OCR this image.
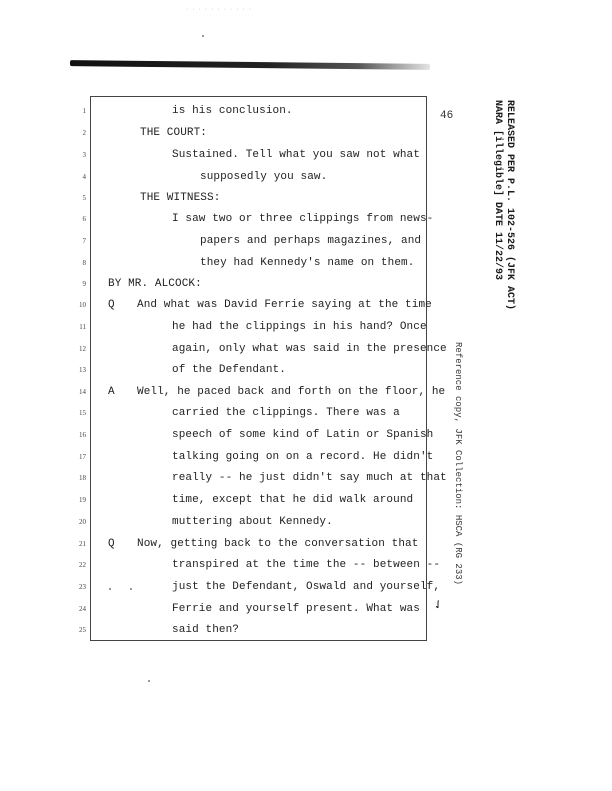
· · · · · · · · · · ·
46	RELEASED PER P.L. 102-526 (JFK ACT)
NARA [illegible] DATE 11/22/93
Reference copy, JFK Collection: HSCA (RG 233)
✓
1	is his conclusion.
2	THE COURT:
3	Sustained. Tell what you saw not what
4	supposedly you saw.
5	THE WITNESS:
6	I saw two or three clippings from news-
7	papers and perhaps magazines, and
8	they had Kennedy's name on them.
9 BY MR. ALCOCK:
10 Q And what was David Ferrie saying at the time
11	he had the clippings in his hand? Once
12	again, only what was said in the presence
13	of the Defendant.
14 A Well, he paced back and forth on the floor, he
15	carried the clippings. There was a
16	speech of some kind of Latin or Spanish
17	talking going on on a record. He didn't
18	really -- he just didn't say much at that
19	time, except that he did walk around
20	muttering about Kennedy.
21 Q Now, getting back to the conversation that
22	transpired at the time the -- between --
23	just the Defendant, Oswald and yourself,
24	Ferrie and yourself present. What was
25	said then?
